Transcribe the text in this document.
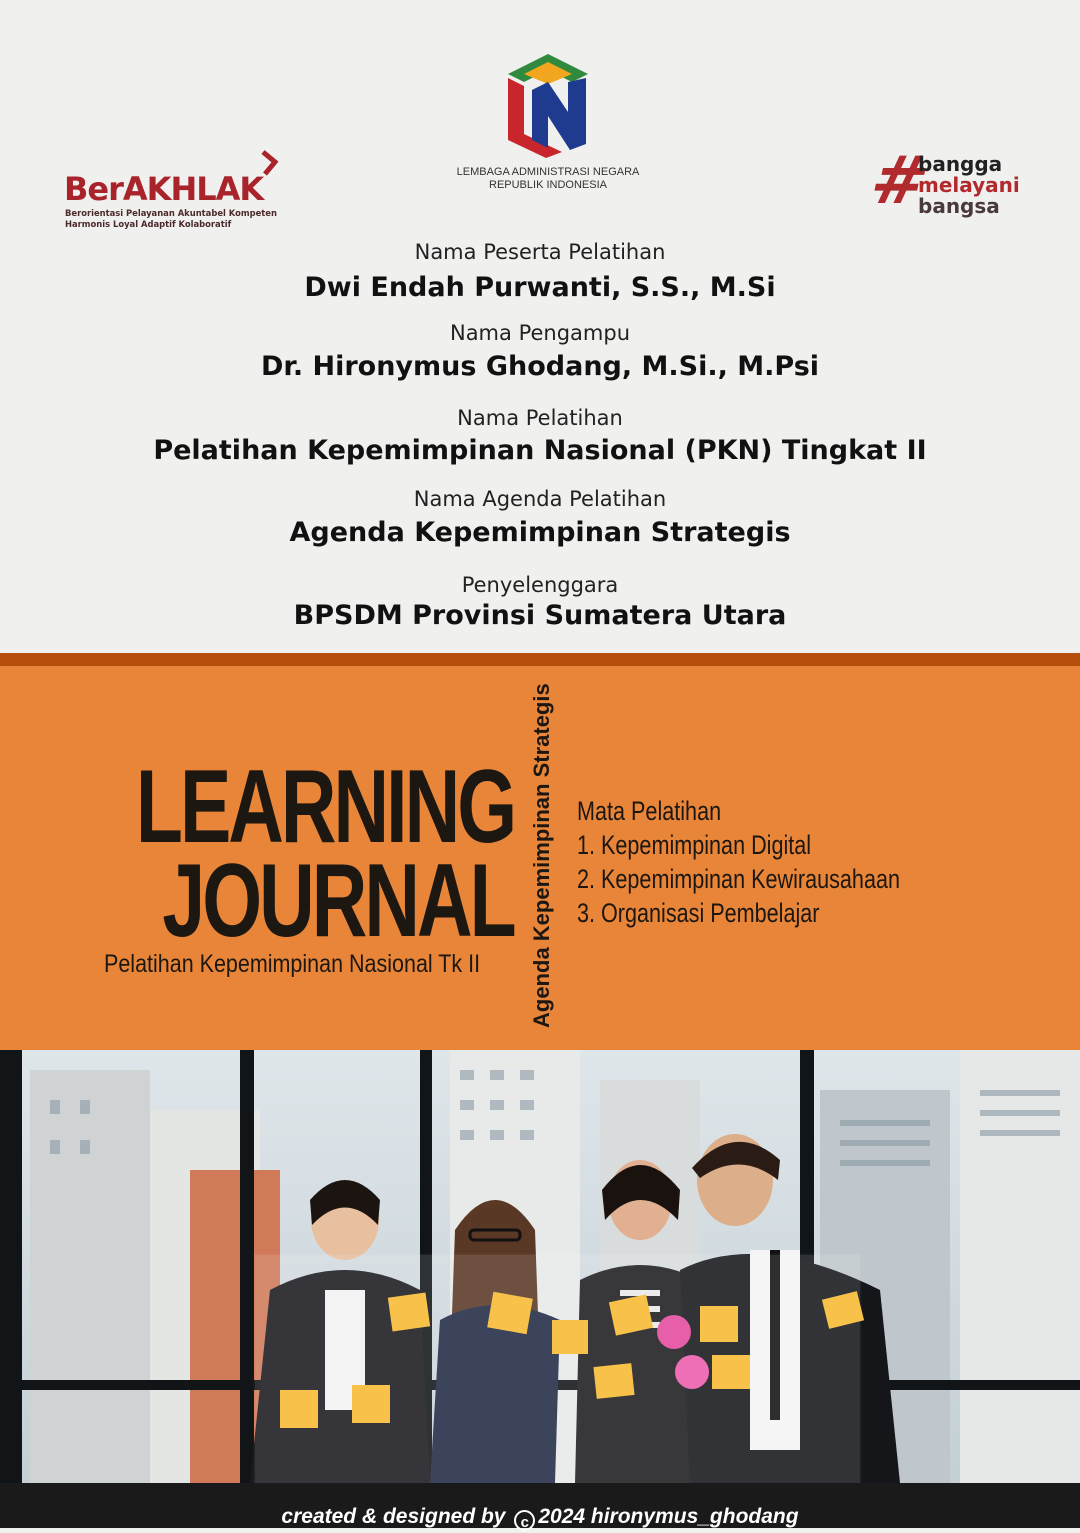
BerAKHLAK
Berorientasi Pelayanan Akuntabel Kompeten
Harmonis Loyal Adaptif Kolaboratif
LEMBAGA ADMINISTRASI NEGARA
REPUBLIK INDONESIA	#
bangga
melayani
bangsa
Nama Peserta Pelatihan
Dwi Endah Purwanti, S.S., M.Si
Nama Pengampu
Dr. Hironymus Ghodang, M.Si., M.Psi
Nama Pelatihan
Pelatihan Kepemimpinan Nasional (PKN) Tingkat II
Nama Agenda Pelatihan
Agenda Kepemimpinan Strategis
Penyelenggara
BPSDM Provinsi Sumatera Utara
LEARNING
JOURNAL
Pelatihan Kepemimpinan Nasional Tk II Agenda Kepemimpinan Strategis Mata Pelatihan
1. Kepemimpinan Digital
2. Kepemimpinan Kewirausahaan
3. Organisasi Pembelajar
created & designed by c 2024 hironymus_ghodang
